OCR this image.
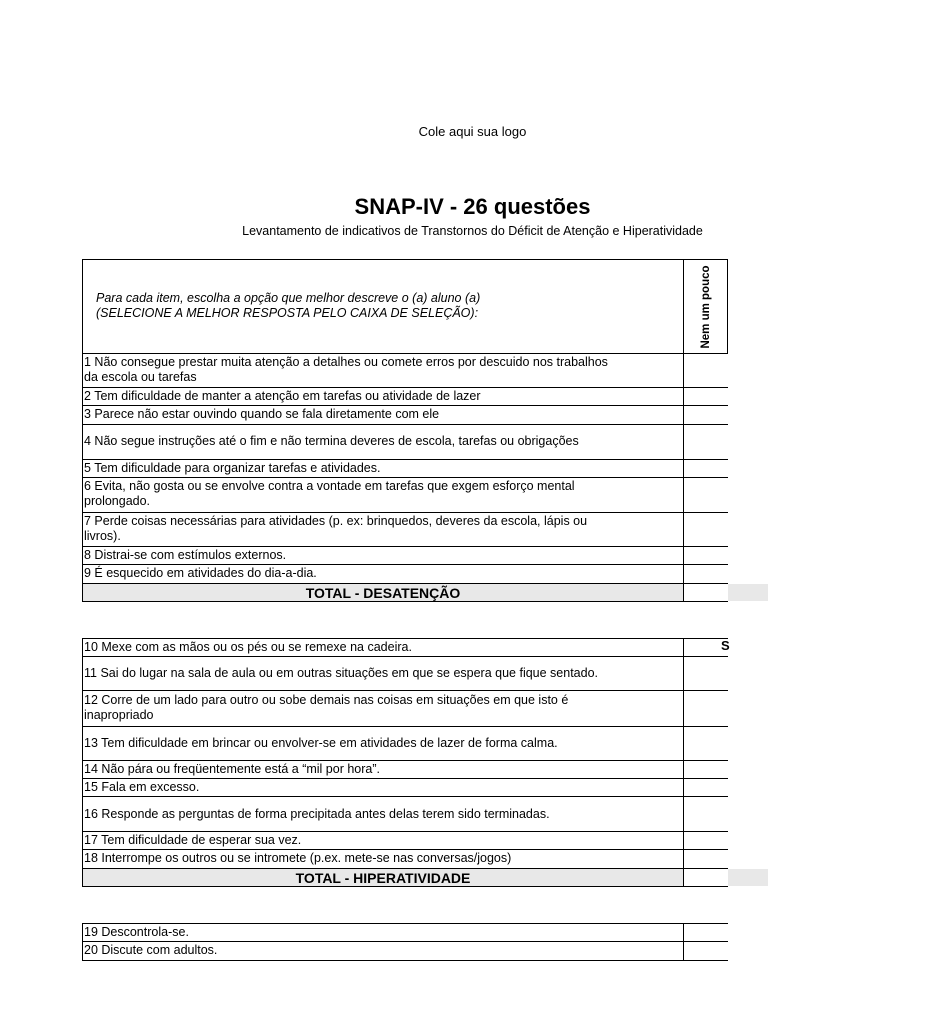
Cole aqui sua logo
SNAP-IV - 26 questões
Levantamento de indicativos de Transtornos do Déficit de Atenção e Hiperatividade
Para cada item, escolha a opção que melhor descreve o (a) aluno (a)
(SELECIONE A MELHOR RESPOSTA PELO CAIXA DE SELEÇÃO):	Nem um pouco
1 Não consegue prestar muita atenção a detalhes ou comete erros por descuido nos trabalhos
da escola ou tarefas
2 Tem dificuldade de manter a atenção em tarefas ou atividade de lazer
3 Parece não estar ouvindo quando se fala diretamente com ele
4 Não segue instruções até o fim e não termina deveres de escola, tarefas ou obrigações
5 Tem dificuldade para organizar tarefas e atividades.
6 Evita, não gosta ou se envolve contra a vontade em tarefas que exgem esforço mental
prolongado.
7 Perde coisas necessárias para atividades (p. ex: brinquedos, deveres da escola, lápis ou
livros).
8 Distrai-se com estímulos externos.
9 É esquecido em atividades do dia-a-dia.
TOTAL - DESATENÇÃO
S
10 Mexe com as mãos ou os pés ou se remexe na cadeira.
11 Sai do lugar na sala de aula ou em outras situações em que se espera que fique sentado.
12 Corre de um lado para outro ou sobe demais nas coisas em situações em que isto é
inapropriado
13 Tem dificuldade em brincar ou envolver-se em atividades de lazer de forma calma.
14 Não pára ou freqüentemente está a “mil por hora”.
15 Fala em excesso.
16 Responde as perguntas de forma precipitada antes delas terem sido terminadas.
17 Tem dificuldade de esperar sua vez.
18 Interrompe os outros ou se intromete (p.ex. mete-se nas conversas/jogos)
TOTAL - HIPERATIVIDADE
19 Descontrola-se.
20 Discute com adultos.
